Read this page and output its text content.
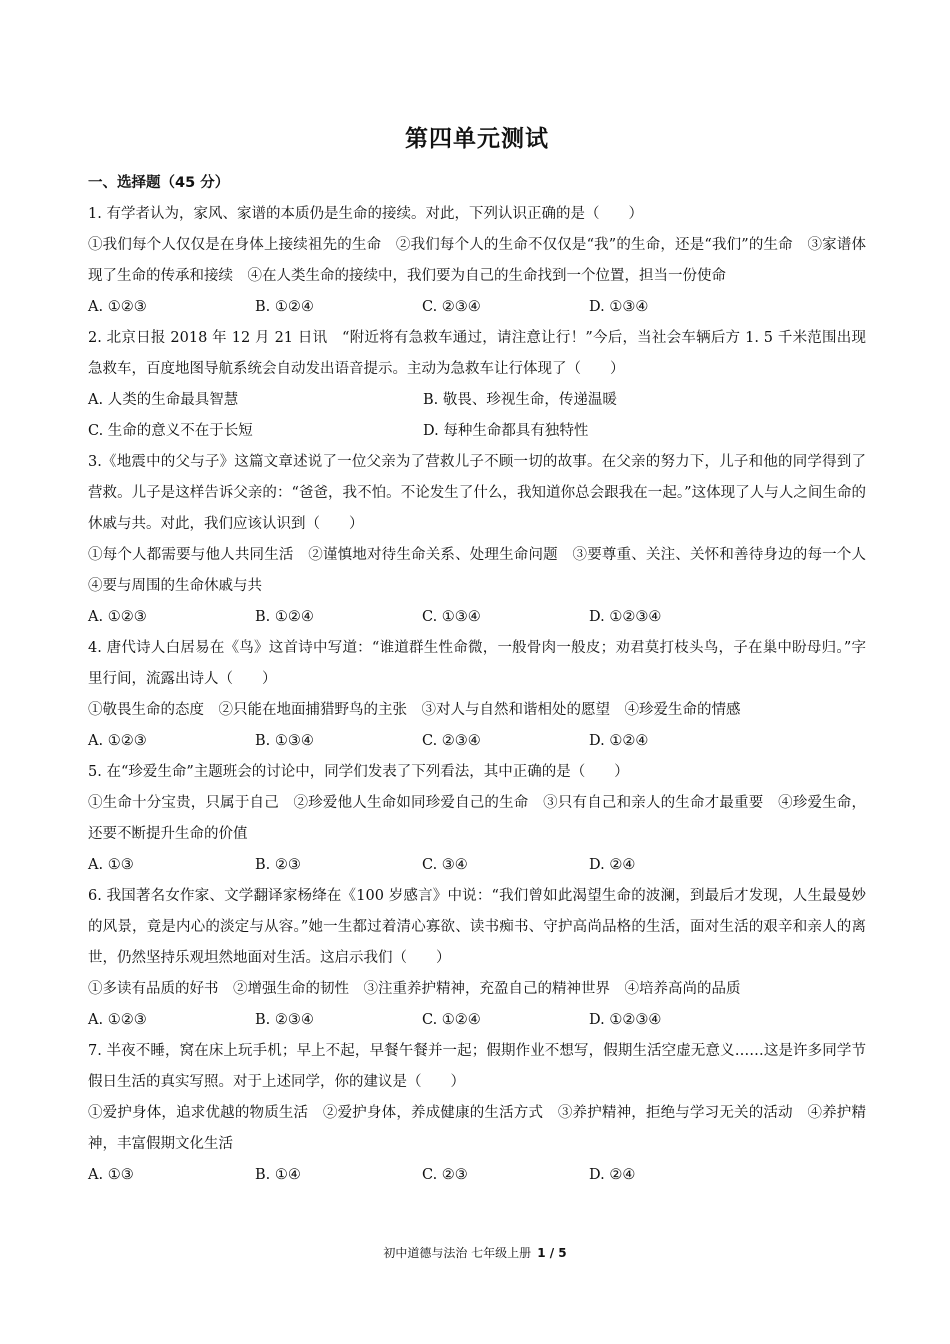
第四单元测试
一、选择题（45 分）
1. 有学者认为，家风、家谱的本质仍是生命的接续。对此，下列认识正确的是（　　）
①我们每个人仅仅是在身体上接续祖先的生命　②我们每个人的生命不仅仅是“我”的生命，还是“我们”的生命　③家谱体现了生命的传承和接续　④在人类生命的接续中，我们要为自己的生命找到一个位置，担当一份使命
A. ①②③	B. ①②④	C. ②③④	D. ①③④
2. 北京日报 2018 年 12 月 21 日讯　“附近将有急救车通过，请注意让行！”今后，当社会车辆后方 1. 5 千米范围出现急救车，百度地图导航系统会自动发出语音提示。主动为急救车让行体现了（　　）
A. 人类的生命最具智慧	B. 敬畏、珍视生命，传递温暖
C. 生命的意义不在于长短	D. 每种生命都具有独特性
3.《地震中的父与子》这篇文章述说了一位父亲为了营救儿子不顾一切的故事。在父亲的努力下，儿子和他的同学得到了营救。儿子是这样告诉父亲的：“爸爸，我不怕。不论发生了什么，我知道你总会跟我在一起。”这体现了人与人之间生命的休戚与共。对此，我们应该认识到（　　）
①每个人都需要与他人共同生活　②谨慎地对待生命关系、处理生命问题　③要尊重、关注、关怀和善待身边的每一个人　④要与周围的生命休戚与共
A. ①②③	B. ①②④	C. ①③④	D. ①②③④
4. 唐代诗人白居易在《鸟》这首诗中写道：“谁道群生性命微，一般骨肉一般皮；劝君莫打枝头鸟，子在巢中盼母归。”字里行间，流露出诗人（　　）
①敬畏生命的态度　②只能在地面捕猎野鸟的主张　③对人与自然和谐相处的愿望　④珍爱生命的情感
A. ①②③	B. ①③④	C. ②③④	D. ①②④
5. 在“珍爱生命”主题班会的讨论中，同学们发表了下列看法，其中正确的是（　　）
①生命十分宝贵，只属于自己　②珍爱他人生命如同珍爱自己的生命　③只有自己和亲人的生命才最重要　④珍爱生命，还要不断提升生命的价值
A. ①③	B. ②③	C. ③④	D. ②④
6. 我国著名女作家、文学翻译家杨绛在《100 岁感言》中说：“我们曾如此渴望生命的波澜，到最后才发现，人生最曼妙的风景，竟是内心的淡定与从容。”她一生都过着清心寡欲、读书痴书、守护高尚品格的生活，面对生活的艰辛和亲人的离世，仍然坚持乐观坦然地面对生活。这启示我们（　　）
①多读有品质的好书　②增强生命的韧性　③注重养护精神，充盈自己的精神世界　④培养高尚的品质
A. ①②③	B. ②③④	C. ①②④	D. ①②③④
7. 半夜不睡，窝在床上玩手机；早上不起，早餐午餐并一起；假期作业不想写，假期生活空虚无意义……这是许多同学节假日生活的真实写照。对于上述同学，你的建议是（　　）
①爱护身体，追求优越的物质生活　②爱护身体，养成健康的生活方式　③养护精神，拒绝与学习无关的活动　④养护精神，丰富假期文化生活
A. ①③	B. ①④	C. ②③	D. ②④
初中道德与法治 七年级上册 1 / 5
